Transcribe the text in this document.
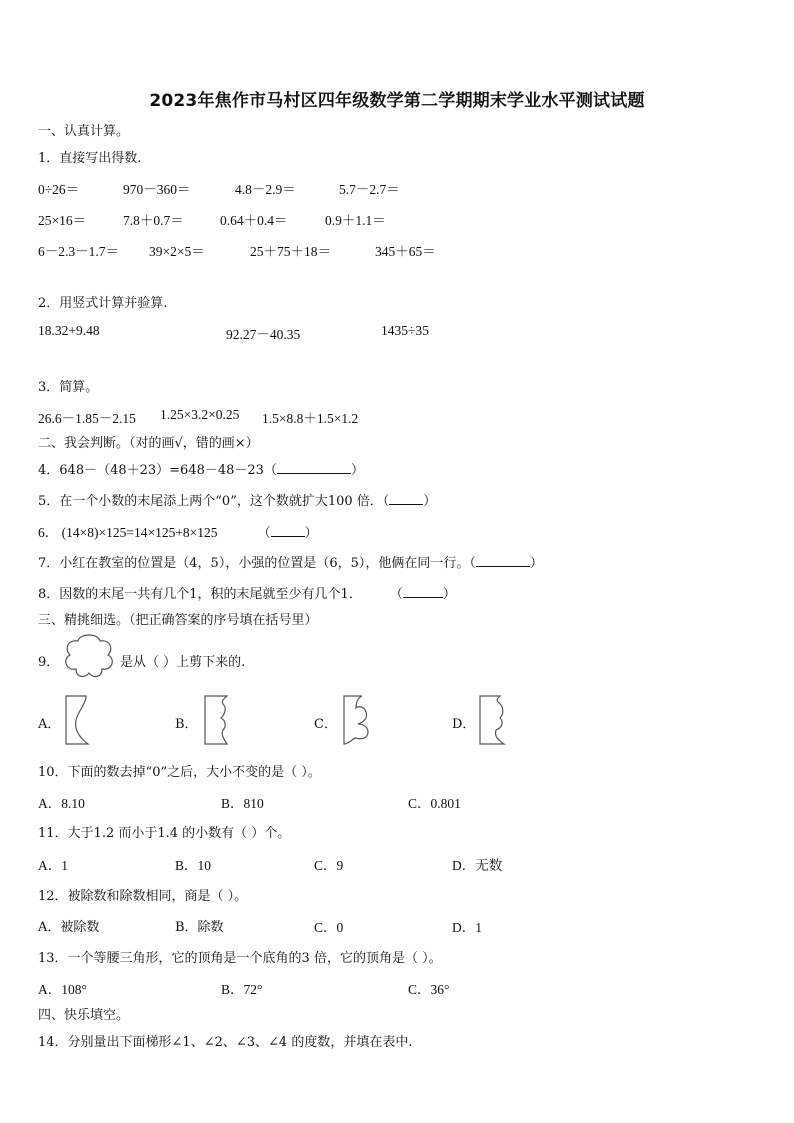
2023年焦作市马村区四年级数学第二学期期末学业水平测试试题
一、认真计算。
1．直接写出得数.
0÷26＝	970－360＝	4.8－2.9＝	5.7－2.7＝
25×16＝	7.8＋0.7＝	0.64＋0.4＝	0.9＋1.1＝
6－2.3－1.7＝ 39×2×5＝	25＋75＋18＝	345＋65＝
2．用竖式计算并验算.
18.32+9.48	92.27－40.35	1435÷35
3．简算。
26.6－1.85－2.15 1.25×3.2×0.25 1.5×8.8＋1.5×1.2
二、我会判断。（对的画√，错的画×）
4．648－（48＋23）=648－48－23（	）
5．在一个小数的末尾添上两个“0”，这个数就扩大100 倍．（	）
6． (14×8)×125=14×125+8×125	（	）
7．小红在教室的位置是（4，5），小强的位置是（6，5），他俩在同一行。（	）
8．因数的末尾一共有几个1，积的末尾就至少有几个1． （	）
三、精挑细选。（把正确答案的序号填在括号里）
9．	是从（ ）上剪下来的.
A．	B．	C．	D．
10．下面的数去掉“0”之后，大小不变的是（ ）。
A．8.10	B．810	C．0.801
11．大于1.2 而小于1.4 的小数有（ ）个。
A．1	B．10	C．9	D．无数
12．被除数和除数相同，商是（ ）。
A．被除数	B．除数	C．0	D．1
13．一个等腰三角形，它的顶角是一个底角的3 倍，它的顶角是（ ）。
A．108°	B．72°	C．36°
四、快乐填空。
14．分别量出下面梯形∠1、∠2、∠3、∠4 的度数，并填在表中.
